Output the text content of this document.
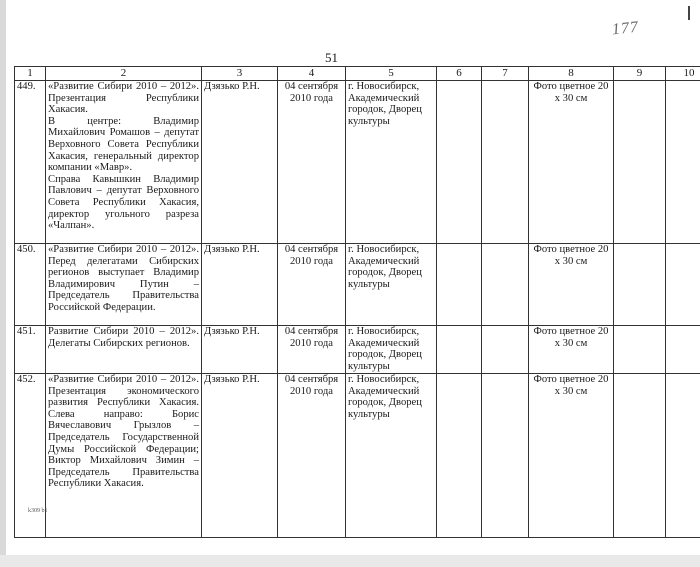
177
51
1	2	3	4	5	6	7	8	9	10
449.	«Развитие Сибири 2010 – 2012». Презентация Республики Хакасия.

В центре: Владимир Михайлович Ромашов – депутат Верховного Совета Республики Хакасия, генеральный директор компании «Мавр».

Справа Кавышкин Владимир Павлович – депутат Верховного Совета Республики Хакасия, директор угольного разреза «Чалпан».	Дзязько Р.Н.	04 сентября 2010 года	г. Новосибирск, Академический городок, Дворец культуры			Фото цветное 20 х 30 см		
450.	«Развитие Сибири 2010 – 2012». Перед делегатами Сибирских регионов выступает Владимир Владимирович Путин – Председатель Правительства Российской Федерации.	Дзязько Р.Н.	04 сентября 2010 года	г. Новосибирск, Академический городок, Дворец культуры			Фото цветное 20 х 30 см		
451.	Развитие Сибири 2010 – 2012». Делегаты Сибирских регионов.	Дзязько Р.Н.	04 сентября 2010 года	г. Новосибирск, Академический городок, Дворец культуры			Фото цветное 20 х 30 см		
452.	«Развитие Сибири 2010 – 2012». Презентация экономического развития Республики Хакасия. Слева направо: Борис Вячеславович Грызлов – Председатель Государственной Думы Российской Федерации; Виктор Михайлович Зимин – Председатель Правительства Республики Хакасия.	Дзязько Р.Н.	04 сентября 2010 года	г. Новосибирск, Академический городок, Дворец культуры			Фото цветное 20 х 30 см		
k309 b1
